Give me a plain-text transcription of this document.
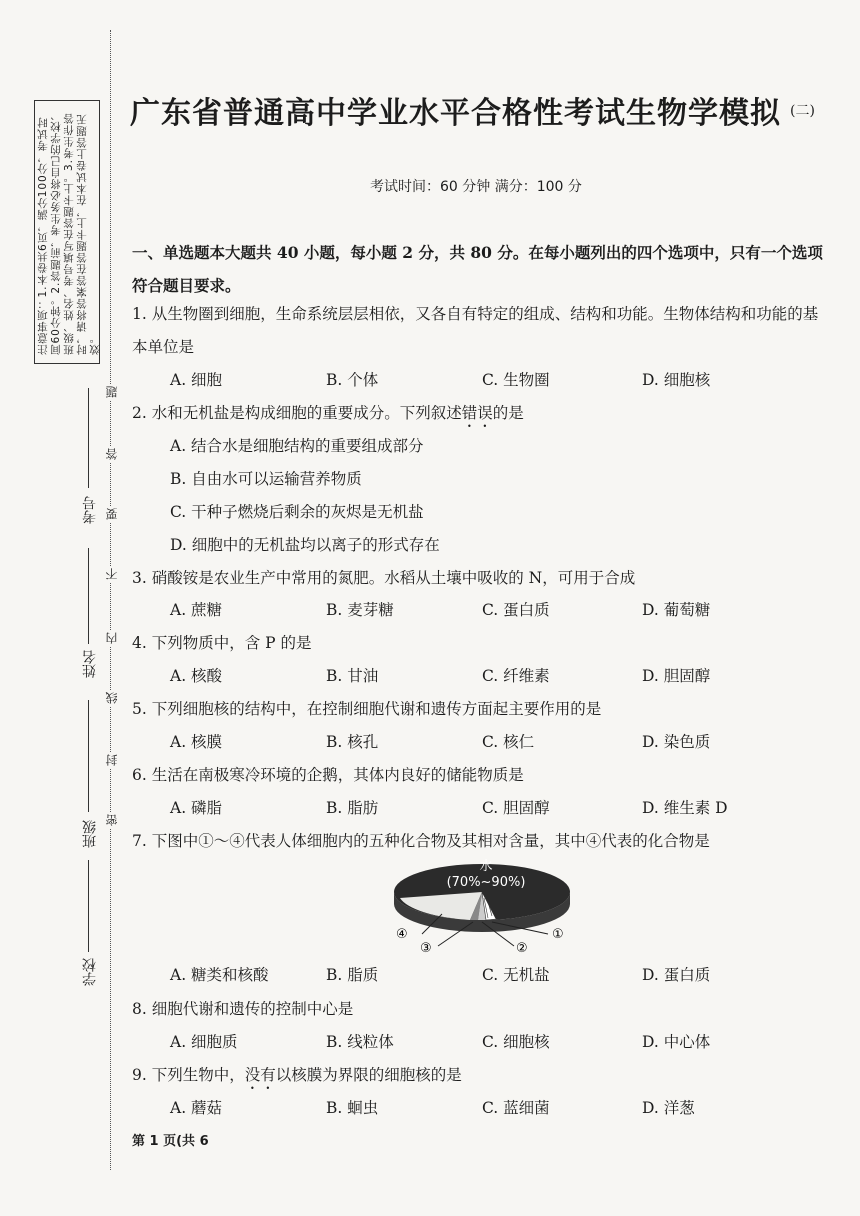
注意事项：1.本卷共6页，满分100分，考试时间60分钟。2.答题前，考生务必将自己的学校、班级、姓名、考号填写在答题卡上。3.考生作答时，请将答案答在答题卡上，在本试卷上答题无效。
考号
姓名
班级
学校
题
答
要
不
内
线
封
密
广东省普通高中学业水平合格性考试生物学模拟 (二)
考试时间：60 分钟 满分：100 分
一、单选题本大题共 40 小题，每小题 2 分，共 80 分。在每小题列出的四个选项中，只有一个选项符合题目要求。
1. 从生物圈到细胞，生命系统层层相依，又各自有特定的组成、结构和功能。生物体结构和功能的基本单位是
A. 细胞	B. 个体	C. 生物圈	D. 细胞核
2. 水和无机盐是构成细胞的重要成分。下列叙述错误的是
A. 结合水是细胞结构的重要组成部分
B. 自由水可以运输营养物质
C. 干种子燃烧后剩余的灰烬是无机盐
D. 细胞中的无机盐均以离子的形式存在
3. 硝酸铵是农业生产中常用的氮肥。水稻从土壤中吸收的 N，可用于合成
A. 蔗糖	B. 麦芽糖	C. 蛋白质	D. 葡萄糖
4. 下列物质中，含 P 的是
A. 核酸	B. 甘油	C. 纤维素	D. 胆固醇
5. 下列细胞核的结构中，在控制细胞代谢和遗传方面起主要作用的是
A. 核膜	B. 核孔	C. 核仁	D. 染色质
6. 生活在南极寒冷环境的企鹅，其体内良好的储能物质是
A. 磷脂	B. 脂肪	C. 胆固醇	D. 维生素 D
7. 下图中①～④代表人体细胞内的五种化合物及其相对含量，其中④代表的化合物是
水
(70%~90%)
④
③	②
①
A. 糖类和核酸	B. 脂质	C. 无机盐	D. 蛋白质
8. 细胞代谢和遗传的控制中心是
A. 细胞质	B. 线粒体	C. 细胞核	D. 中心体
9. 下列生物中，没有以核膜为界限的细胞核的是
A. 蘑菇	B. 蛔虫	C. 蓝细菌	D. 洋葱
第 1 页(共 6
